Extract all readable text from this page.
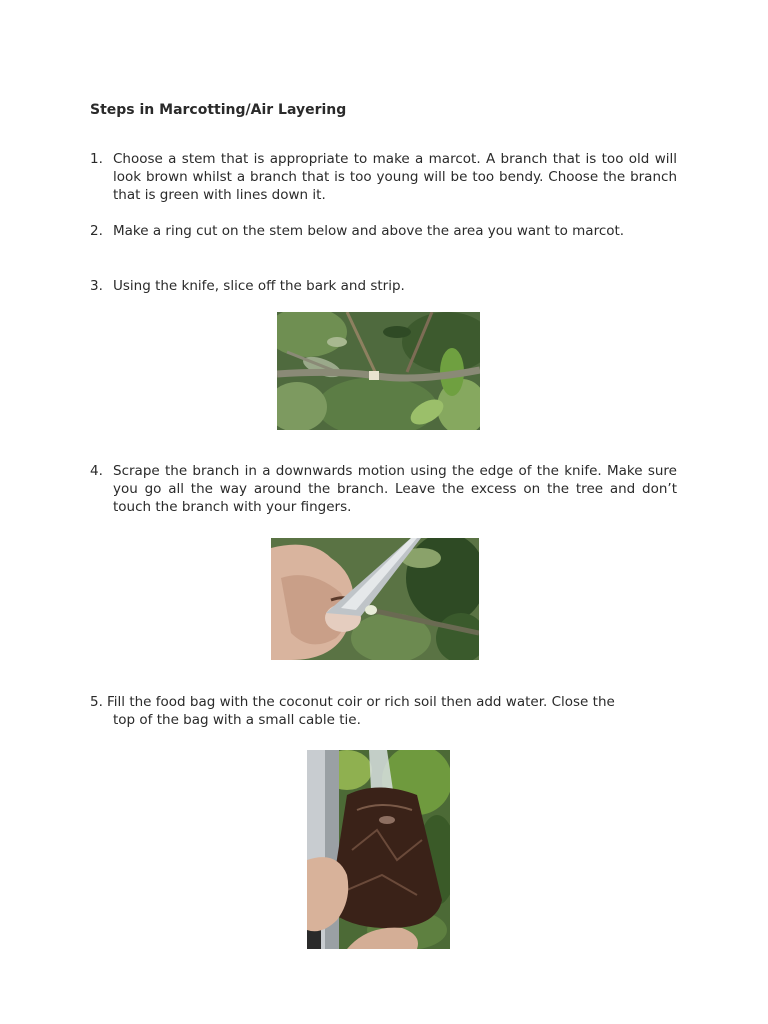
Steps in Marcotting/Air Layering
1. Choose a stem that is appropriate to make a marcot. A branch that is too old will look brown whilst a branch that is too young will be too bendy. Choose the branch that is green with lines down it.
2. Make a ring cut on the stem below and above the area you want to marcot.
3. Using the knife, slice off the bark and strip.
4. Scrape the branch in a downwards motion using the edge of the knife. Make sure you go all the way around the branch. Leave the excess on the tree and don’t touch the branch with your fingers.
5. Fill the food bag with the coconut coir or rich soil then add water. Close the
top of the bag with a small cable tie.
